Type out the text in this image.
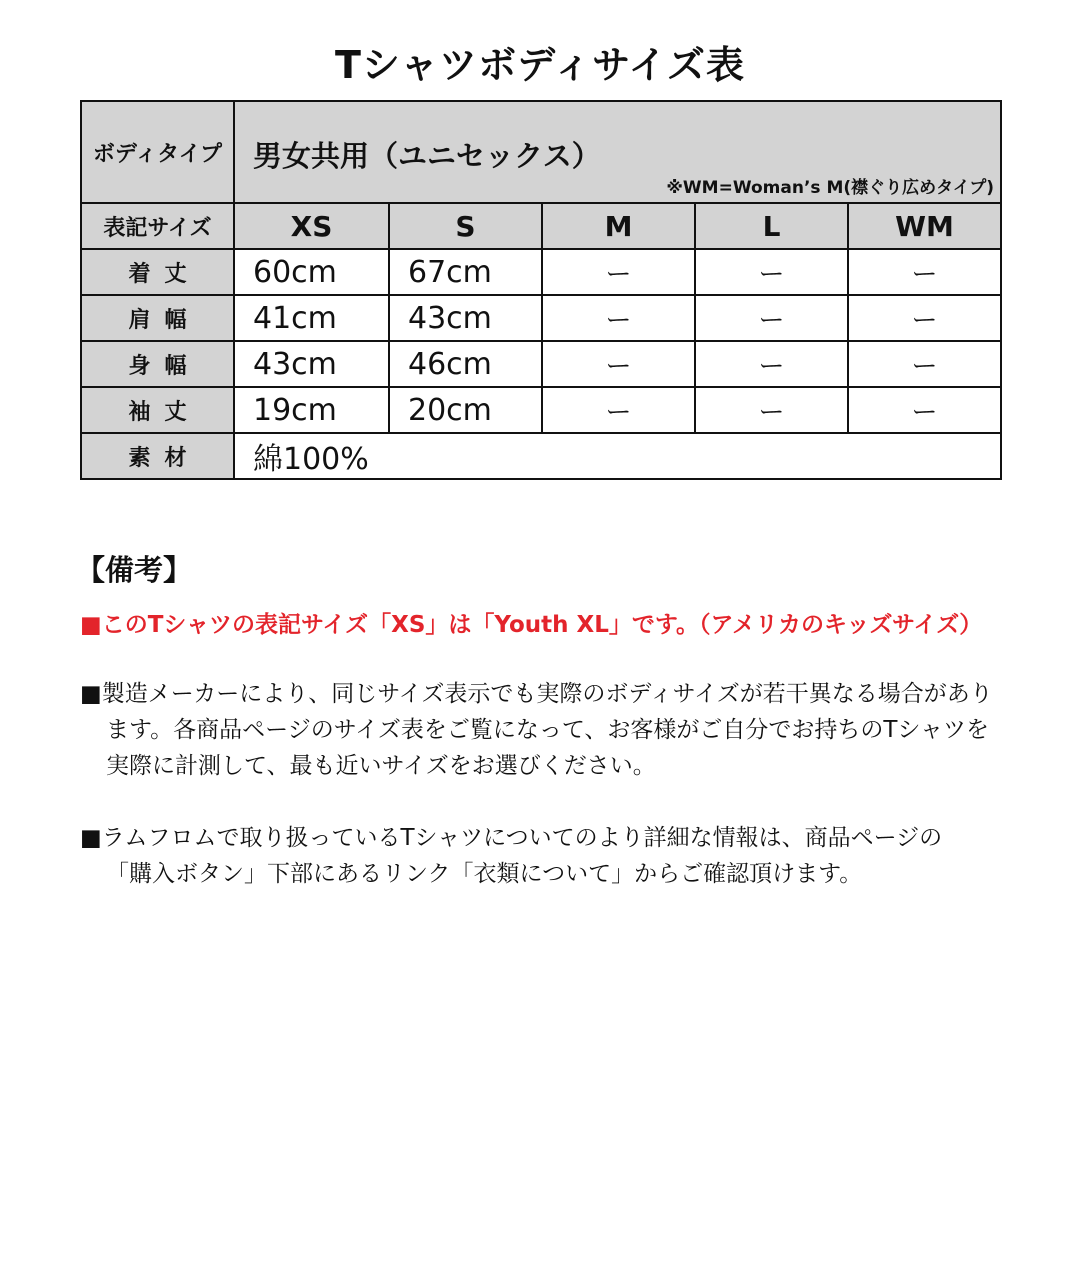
Tシャツボディサイズ表
ボディタイプ	男女共用（ユニセックス）
※WM=Woman’s M(襟ぐり広めタイプ)				

表記サイズ	XS	S	M	L	WM
着丈	60cm	67cm	ー	ー	ー
肩幅	41cm	43cm	ー	ー	ー
身幅	43cm	46cm	ー	ー	ー
袖丈	19cm	20cm	ー	ー	ー
素材	綿100%				
【備考】
■このTシャツの表記サイズ「XS」は「Youth XL」です。（アメリカのキッズサイズ）
■製造メーカーにより、同じサイズ表示でも実際のボディサイズが若干異なる場合があり
ます。各商品ページのサイズ表をご覧になって、お客様がご自分でお持ちのTシャツを
実際に計測して、最も近いサイズをお選びください。
■ラムフロムで取り扱っているTシャツについてのより詳細な情報は、商品ページの
「購入ボタン」下部にあるリンク「衣類について」からご確認頂けます。
